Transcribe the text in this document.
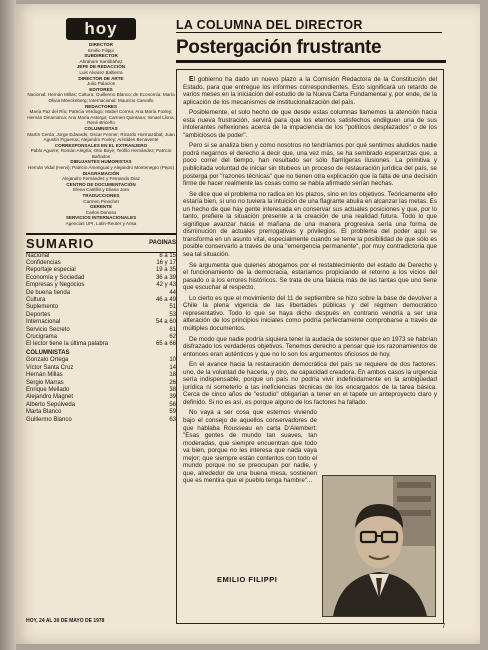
hoy
DIRECTOR
Emilio Filippi
SUBDIRECTOR
Abraham Santibáñez
JEFE DE REDACCIÓN
Luis Alvarez Baltierra
DIRECTOR DE ARTE
Julio Palacios
EDITORES
Nacional: Hernán Millas; Cultura: Guillermo Blanco; de Economía: María Olivia Mönckeberg; Internacional: Mauricio Carvallo
REDACTORES
María Paz del Río; Patricia Verdugo; Mabel Correa; Ana María Foxley; Hernán Dinamarca; Ana María Astorga; Carmen Quintana; Ismael Llona; René Briceño
COLUMNISTAS
Martín Cerda; Jorge Edwards; Oscar Fenner; Ricardo Hormazábal; Juan Agustín Figueroa; Alejandro Foxley; Arístides Benavente
CORRESPONSALES EN EL EXTRANJERO
Pablo Aguirre; Román Alegría; Otto Boye; Teófilo Hernández; Patricio Bañados
DIBUJANTES HUMORISTAS
Hernán Vidal (Hervi); Patricio Amengual y Alejandro Montenegro (Pepo)
DIAGRAMACIÓN
Alejandro Fernández y Fernando Díaz
CENTRO DE DOCUMENTACIÓN
Elena Castillo y Eliana Jara
TRADUCCIONES
Carmen Pinochet
GERENTE
Carlos Donoso
SERVICIOS INTERNACIONALES
Agencias UPI, Latin-Reuter y Ansa
SUMARIO	PAGINAS
Nacional	8 a 15
Confidencias	16 y 17
Reportaje especial	19 a 35
Economía y Sociedad	36 a 39
Empresas y Negocios	42 y 43
De buena tienda	44
Cultura	46 a 49
Suplemento	51
Deportes	53
Internacional	54 a 60
Servicio Secreto	61
Crucigrama	62
El lector tiene la última palabra	65 a 66
COLUMNISTAS
Gonzalo Ortega	10
Víctor Santa Cruz	14
Hernán Millas	18
Sergio Marras	26
Enrique Mellado	38
Alejandro Magnet	39
Alberto Sepúlveda	56
Marta Blanco	59
Guillermo Blanco	63
HOY, 24 AL 30 DE MAYO DE 1978
LA COLUMNA DEL DIRECTOR
Postergación frustrante

El gobierno ha dado un nuevo plazo a la Comisión Redactora de la Constitución del Estado, para que entregue los informes correspondientes. Esto significará un retardo de varios meses en la iniciación del estudio de la Nueva Carta Fundamental y, por ende, de la aplicación de los mecanismos de institucionalización del país.

Posiblemente, el solo hecho de que desde estas columnas llamemos la atención hacia esta nueva frustración, servirá para que los eternos satisfechos endilguen una de sus intolerantes reflexiones acerca de la impaciencia de los "políticos desplazados" o de los "ambiciosos de poder".

Pero si se analiza bien y como nosotros no tendríamos por qué sentirnos aludidos nadie podrá negarnos el derecho a decir que, una vez más, se ha sembrado esperanzas que, a poco correr del tiempo, han resultado ser sólo flamígeras ilusiones. La primitiva y publicitada voluntad de iniciar sin titubeos un proceso de restauración jurídica del país, se posterga por "razones técnicas" que no tienen otra explicación que la falta de una decisión firme de hacer realmente las cosas como se había afirmado serían hechas.

Se dice que el problema no radica en los plazos, sino en los objetivos. Teóricamente ello estaría bien, si uno no tuviera la intuición de una flagrante abulia en alcanzar las metas. Es un hecho de que hay gente interesada en conservar sus actuales posiciones y que, por lo tanto, prefiere la situación presente a la creación de una realidad futura. Todo lo que signifique avanzar hacia el mañana de una manera progresiva sería una forma de disminución de actuales prerrogativas y privilegios. El problema del poder aquí se transforma en un asunto vital, especialmente cuando se teme la posibilidad de que sólo es posible conservarlo a través de una "emergencia permanente", por muy contradictoria que sea tal situación.

Se argumenta que quienes abogamos por el restablecimiento del estado de Derecho y el funcionamiento de la democracia, estaríamos propiciando el retorno a los vicios del pasado o a los errores históricos. Se trata de una falacia más de las tantas que uno tiene que escuchar al respecto.

Lo cierto es que el movimiento del 11 de septiembre se hizo sobre la base de devolver a Chile la plena vigencia de las libertades públicas y del régimen democrático representativo. Todo lo que se haya dicho después en contrario vendría a ser una alteración de los principios iniciales como podría perfectamente comprobarse a través de múltiples documentos.

De modo que nadie podría siquiera tener la audacia de sostener que en 1973 se habrían disfrazado los verdaderos objetivos. Tenemos derecho a pensar que los razonamientos de entonces eran auténticos y que no lo son los argumentos oficiosos de hoy.

En el avance hacia la restauración democrática del país se requiere de dos factores: uno, de la voluntad de hacerla, y otro, de capacidad creadora. En ambos casos la urgencia sería indispensable, porque un país no podría vivir indefinidamente en la ambigüedad jurídica ni someterlo a las ineficiencias técnicas de los encargados de la tarea básica. Cerca de cinco años de "estudio" obligarían a tener en el tapete un anteproyecto claro y definido. Si no es así, es porque alguno de los factores ha fallado.

No vaya a ser cosa que estemos viviendo bajo el consejo de aquellos conservadores de que hablaba Rousseau en carta D'Alembert: "Esas gentes de mundo tan suaves, tan moderadas, que siempre encuentran que todo va bien, porque no les interesa que nada vaya mejor; que siempre están contentos con todo el mundo porque no se preocupan por nadie, y que, alrededor de una buena mesa, sostienen que es mentira que el pueblo tenga hambre"...

EMILIO FILIPPI
7
